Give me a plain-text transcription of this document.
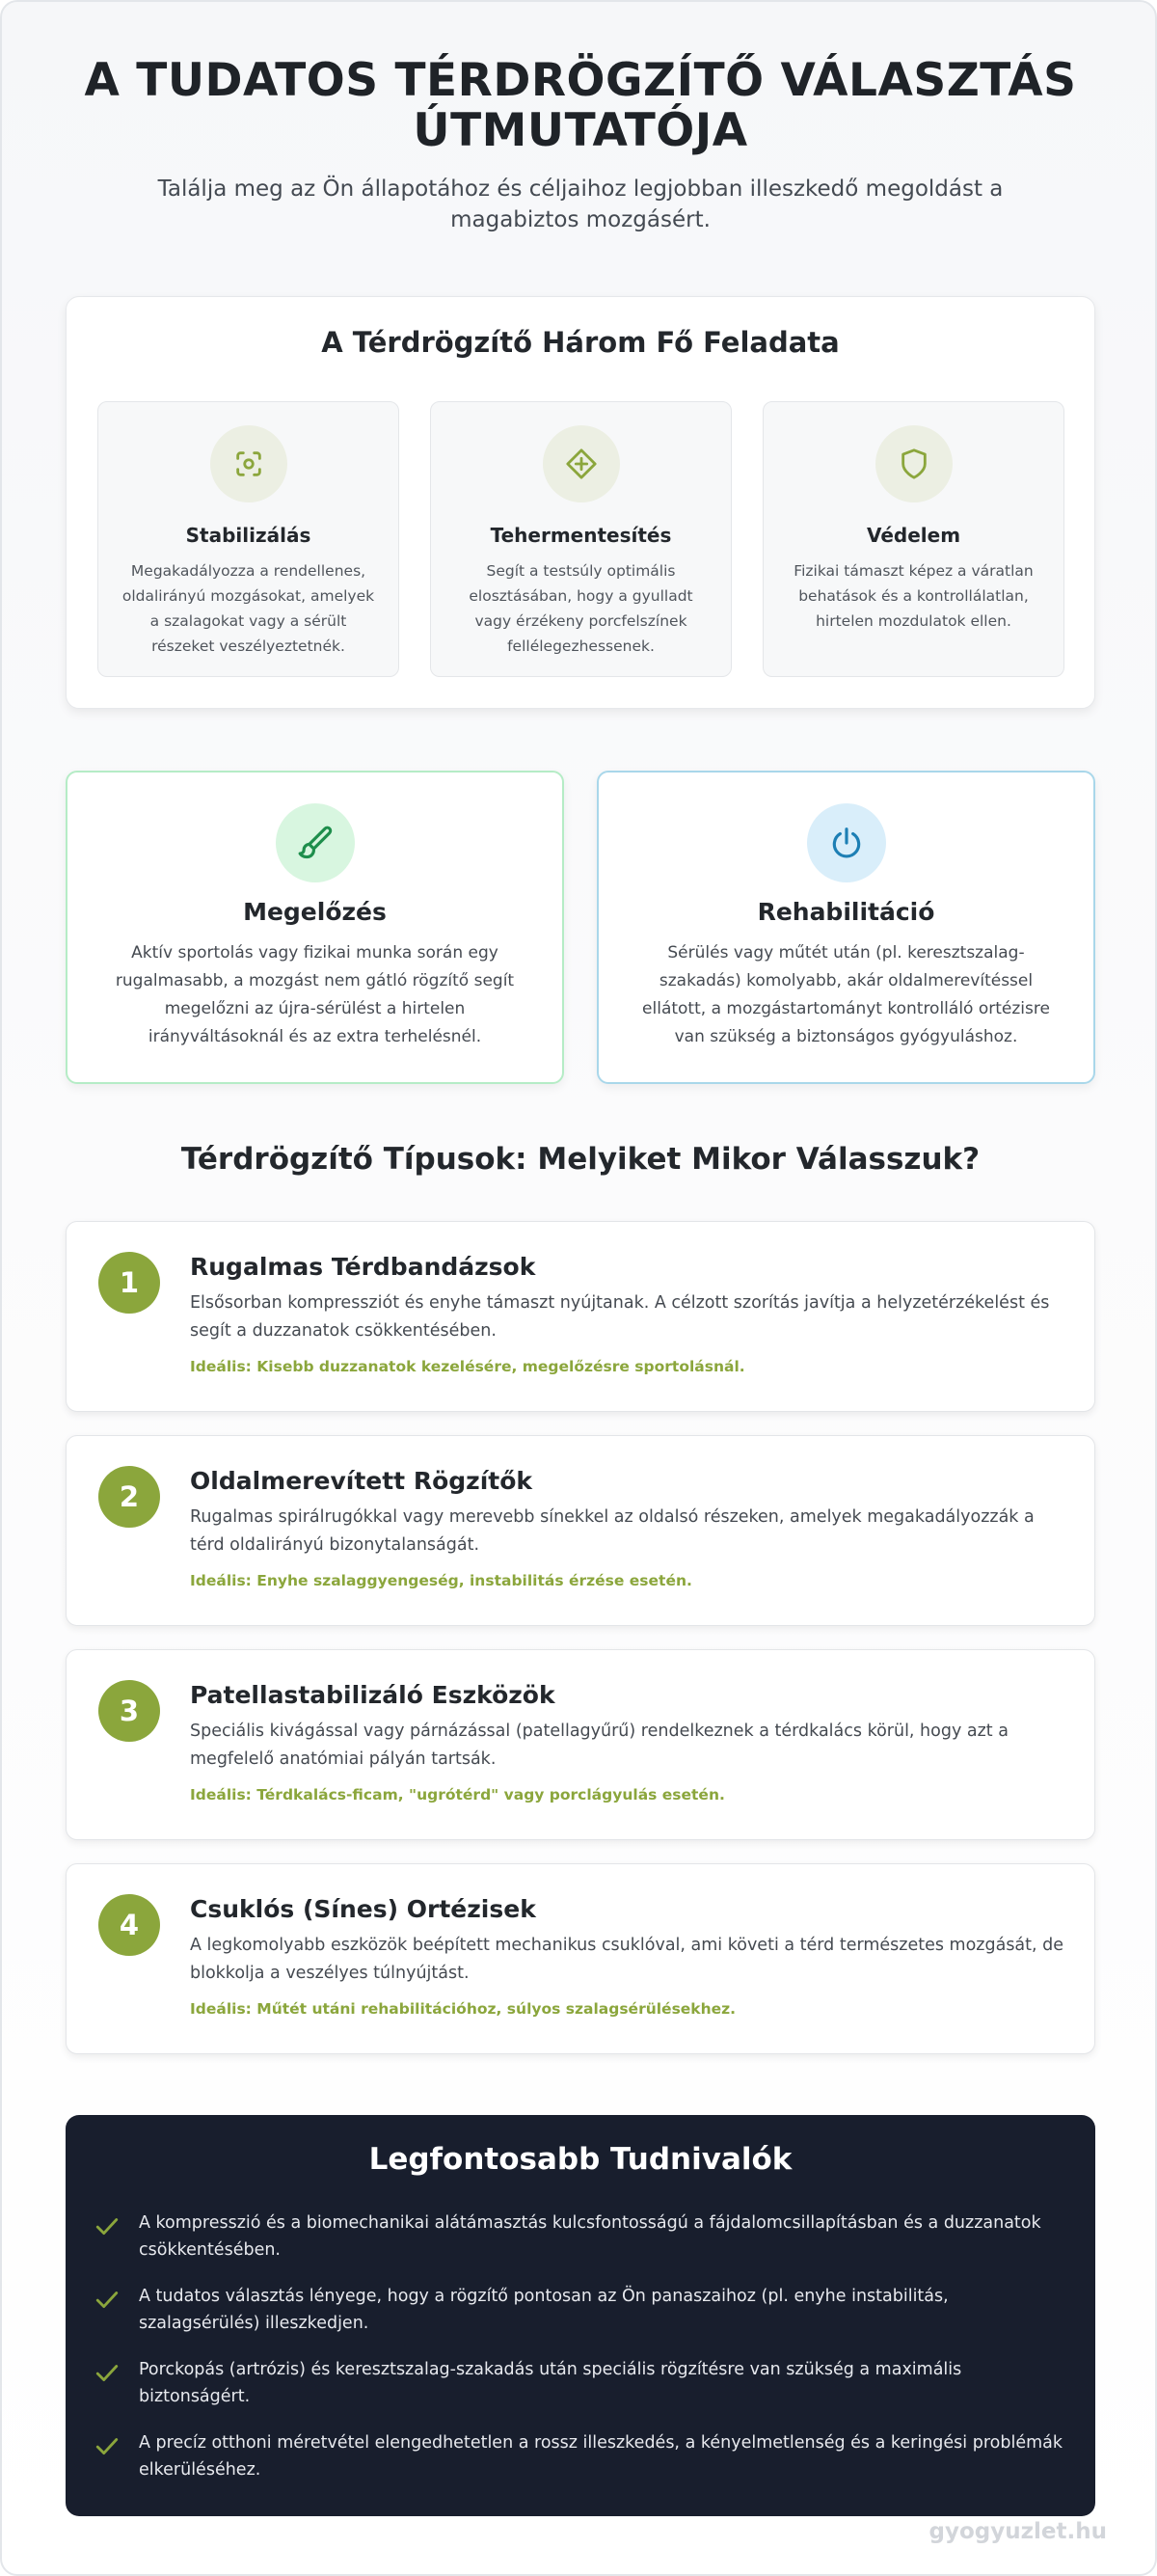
A TUDATOS TÉRDRÖGZÍTŐ VÁLASZTÁS ÚTMUTATÓJA

Találja meg az Ön állapotához és céljaihoz legjobban illeszkedő megoldást a magabiztos mozgásért.

A Térdrögzítő Három Fő Feladata
Stabilizálás
Megakadályozza a rendellenes, oldalirányú mozgásokat, amelyek a szalagokat vagy a sérült részeket veszélyeztetnék.
Tehermentesítés
Segít a testsúly optimális elosztásában, hogy a gyulladt vagy érzékeny porcfelszínek fellélegezhessenek.
Védelem
Fizikai támaszt képez a váratlan behatások és a kontrollálatlan, hirtelen mozdulatok ellen.
Megelőzés
Aktív sportolás vagy fizikai munka során egy rugalmasabb, a mozgást nem gátló rögzítő segít megelőzni az újra-sérülést a hirtelen irányváltásoknál és az extra terhelésnél.
Rehabilitáció
Sérülés vagy műtét után (pl. keresztszalag-szakadás) komolyabb, akár oldalmerevítéssel ellátott, a mozgástartományt kontrolláló ortézisre van szükség a biztonságos gyógyuláshoz.
Térdrögzítő Típusok: Melyiket Mikor Válasszuk?
1	Rugalmas Térdbandázsok
Elsősorban kompressziót és enyhe támaszt nyújtanak. A célzott szorítás javítja a helyzetérzékelést és segít a duzzanatok csökkentésében.
Ideális: Kisebb duzzanatok kezelésére, megelőzésre sportolásnál.
2	Oldalmerevített Rögzítők
Rugalmas spirálrugókkal vagy merevebb sínekkel az oldalsó részeken, amelyek megakadályozzák a térd oldalirányú bizonytalanságát.
Ideális: Enyhe szalaggyengeség, instabilitás érzése esetén.
3	Patellastabilizáló Eszközök
Speciális kivágással vagy párnázással (patellagyűrű) rendelkeznek a térdkalács körül, hogy azt a megfelelő anatómiai pályán tartsák.
Ideális: Térdkalács-ficam, "ugrótérd" vagy porclágyulás esetén.
4	Csuklós (Sínes) Ortézisek
A legkomolyabb eszközök beépített mechanikus csuklóval, ami követi a térd természetes mozgását, de blokkolja a veszélyes túlnyújtást.
Ideális: Műtét utáni rehabilitációhoz, súlyos szalagsérülésekhez.
Legfontosabb Tudnivalók
A kompresszió és a biomechanikai alátámasztás kulcsfontosságú a fájdalomcsillapításban és a duzzanatok csökkentésében.
A tudatos választás lényege, hogy a rögzítő pontosan az Ön panaszaihoz (pl. enyhe instabilitás, szalagsérülés) illeszkedjen.
Porckopás (artrózis) és keresztszalag-szakadás után speciális rögzítésre van szükség a maximális biztonságért.
A precíz otthoni méretvétel elengedhetetlen a rossz illeszkedés, a kényelmetlenség és a keringési problémák elkerüléséhez.
gyogyuzlet.hu
